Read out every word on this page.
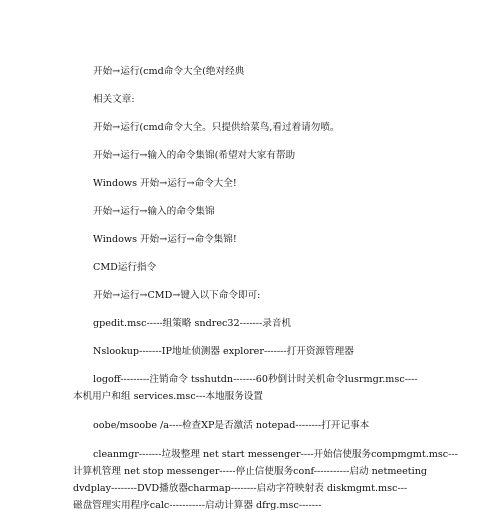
开始→运行(cmd命令大全(绝对经典
相关文章:
开始→运行(cmd命令大全。只提供给菜鸟,看过着请勿喷。
开始→运行→输入的命令集锦(希望对大家有帮助
Windows 开始→运行→命令大全!
开始→运行→输入的命令集锦
Windows 开始→运行→命令集锦!
CMD运行指令
开始→运行→CMD→键入以下命令即可:
gpedit.msc-----组策略 sndrec32-------录音机
Nslookup-------IP地址侦测器 explorer-------打开资源管理器
logoff---------注销命令 tsshutdn-------60秒倒计时关机命令lusrmgr.msc----
本机用户和组 services.msc---本地服务设置
oobe/msoobe /a----检查XP是否激活 notepad--------打开记事本
cleanmgr-------垃圾整理 net start messenger----开始信使服务compmgmt.msc---
计算机管理 net stop messenger-----停止信使服务conf-----------启动 netmeeting
dvdplay--------DVD播放器charmap--------启动字符映射表 diskmgmt.msc---
磁盘管理实用程序calc-----------启动计算器 dfrg.msc-------
